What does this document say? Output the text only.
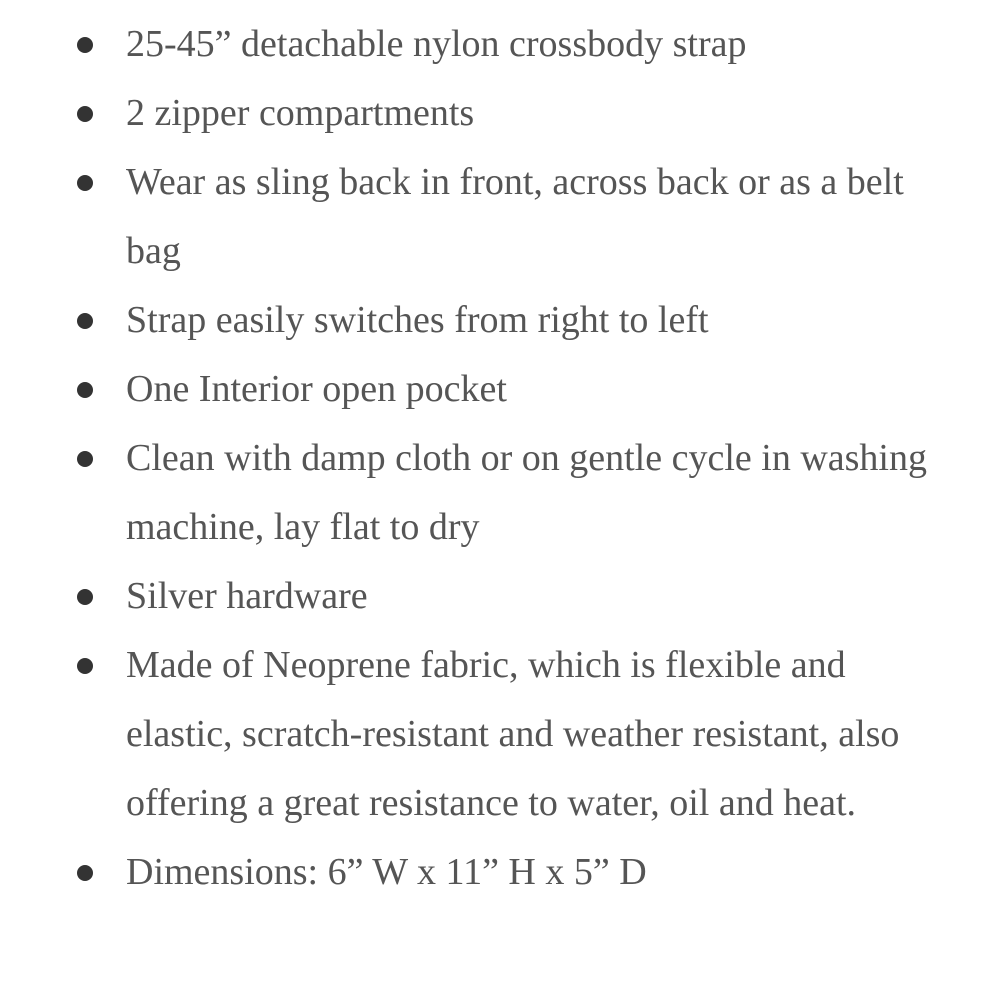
25-45” detachable nylon crossbody strap
2 zipper compartments
Wear as sling back in front, across back or as a belt bag
Strap easily switches from right to left
One Interior open pocket
Clean with damp cloth or on gentle cycle in washing machine, lay flat to dry
Silver hardware
Made of Neoprene fabric, which is flexible and elastic, scratch-resistant and weather resistant, also offering a great resistance to water, oil and heat.
Dimensions: 6” W x 11” H x 5” D
